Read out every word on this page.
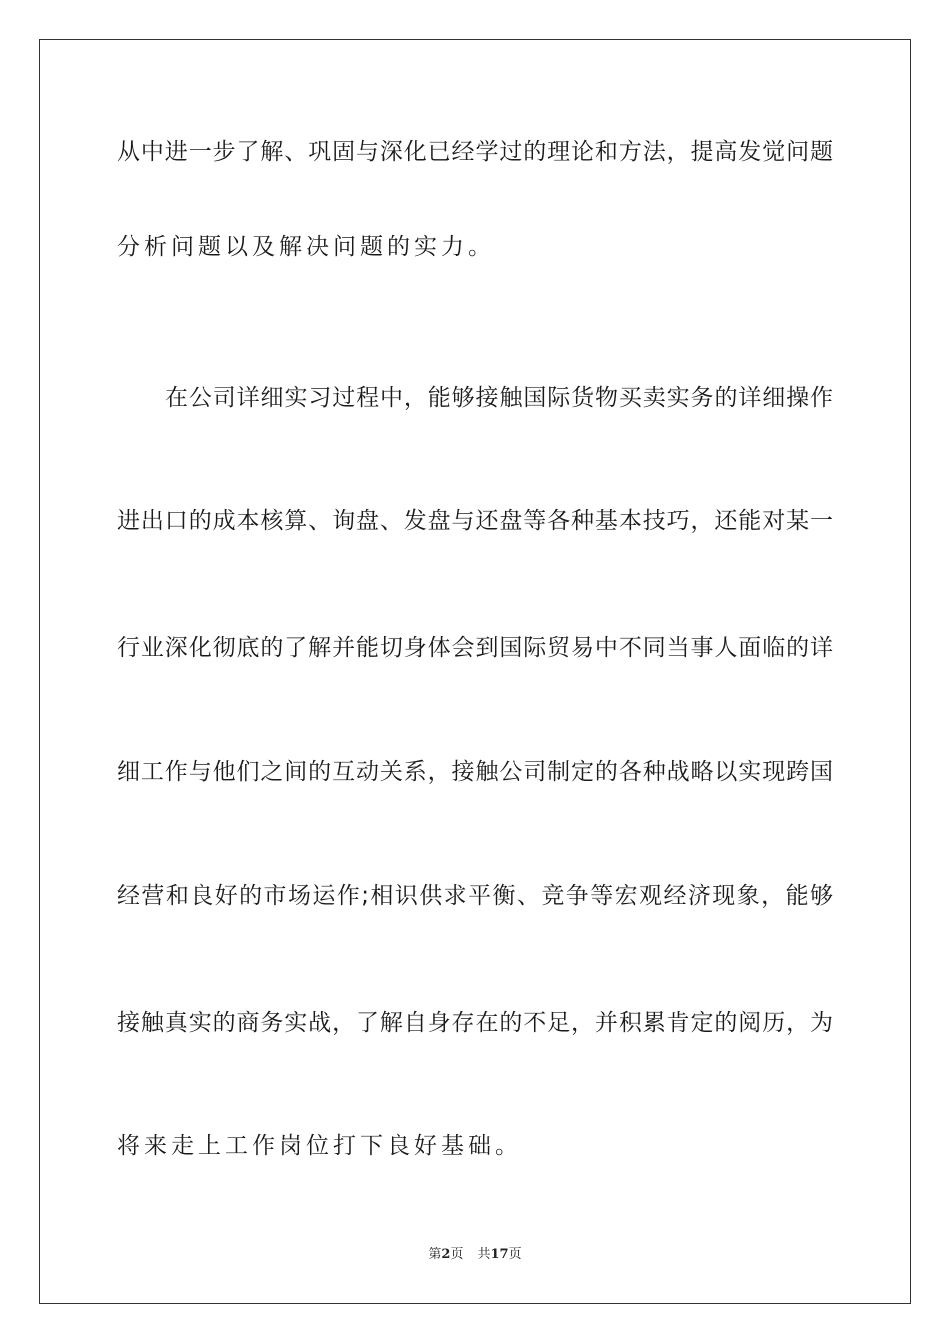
从中进一步了解、巩固与深化已经学过的理论和方法，提高发觉问题
分析问题以及解决问题的实力。
在公司详细实习过程中，能够接触国际货物买卖实务的详细操作
进出口的成本核算、询盘、发盘与还盘等各种基本技巧，还能对某一
行业深化彻底的了解并能切身体会到国际贸易中不同当事人面临的详
细工作与他们之间的互动关系，接触公司制定的各种战略以实现跨国
经营和良好的市场运作;相识供求平衡、竞争等宏观经济现象，能够
接触真实的商务实战，了解自身存在的不足，并积累肯定的阅历，为
将来走上工作岗位打下良好基础。
第2页 共17页
